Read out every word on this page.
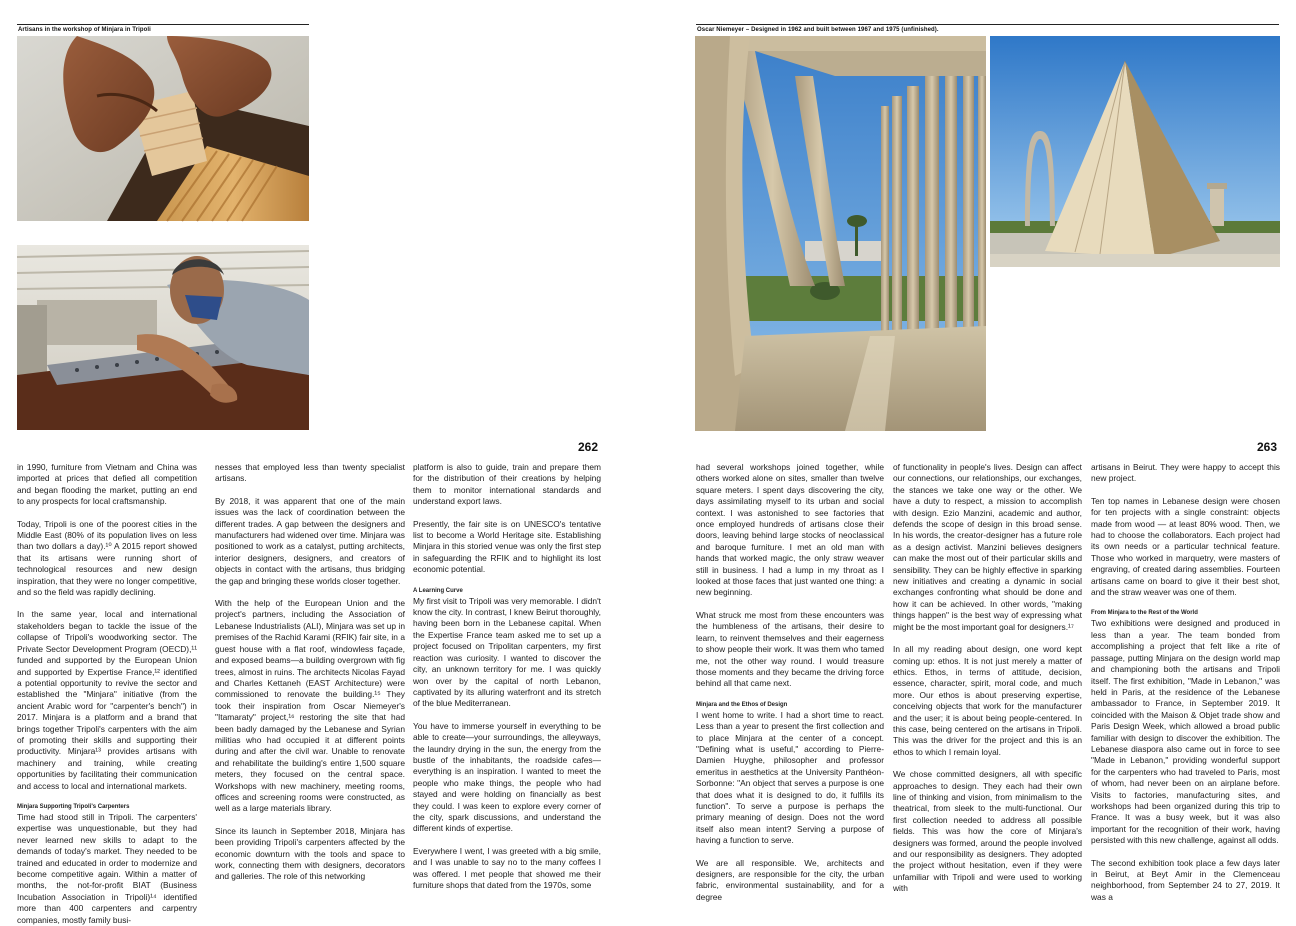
Artisans in the workshop of Minjara in Tripoli
262

in 1990, furniture from Vietnam and China was imported at prices that defied all competition and began flooding the market, putting an end to any prospects for local craftsmanship.

Today, Tripoli is one of the poorest cities in the Middle East (80% of its population lives on less than two dollars a day).¹⁰ A 2015 report showed that its artisans were running short of technological resources and new design inspiration, that they were no longer competitive, and so the field was rapidly declining.

In the same year, local and international stakeholders began to tackle the issue of the collapse of Tripoli's woodworking sector. The Private Sector Development Program (OECD),¹¹ funded and supported by the European Union and supported by Expertise France,¹² identified a potential opportunity to revive the sector and established the "Minjara" initiative (from the ancient Arabic word for "carpenter's bench") in 2017. Minjara is a platform and a brand that brings together Tripoli's carpenters with the aim of promoting their skills and supporting their productivity. Minjara¹³ provides artisans with machinery and training, while creating opportunities by facilitating their communication and access to local and international markets.

Minjara Supporting Tripoli's Carpenters

Time had stood still in Tripoli. The carpenters' expertise was unquestionable, but they had never learned new skills to adapt to the demands of today's market. They needed to be trained and educated in order to modernize and become competitive again. Within a matter of months, the not-for-profit BIAT (Business Incubation Association in Tripoli)¹⁴ identified more than 400 carpenters and carpentry companies, mostly family busi-

nesses that employed less than twenty specialist artisans.

By 2018, it was apparent that one of the main issues was the lack of coordination between the different trades. A gap between the designers and manufacturers had widened over time. Minjara was positioned to work as a catalyst, putting architects, interior designers, designers, and creators of objects in contact with the artisans, thus bridging the gap and bringing these worlds closer together.

With the help of the European Union and the project's partners, including the Association of Lebanese Industrialists (ALI), Minjara was set up in premises of the Rachid Karami (RFIK) fair site, in a guest house with a flat roof, windowless façade, and exposed beams—a building overgrown with fig trees, almost in ruins. The architects Nicolas Fayad and Charles Kettaneh (EAST Architecture) were commissioned to renovate the building.¹⁵ They took their inspiration from Oscar Niemeyer's "Itamaraty" project,¹⁶ restoring the site that had been badly damaged by the Lebanese and Syrian militias who had occupied it at different points during and after the civil war. Unable to renovate and rehabilitate the building's entire 1,500 square meters, they focused on the central space. Workshops with new machinery, meeting rooms, offices and screening rooms were constructed, as well as a large materials library.

Since its launch in September 2018, Minjara has been providing Tripoli's carpenters affected by the economic downturn with the tools and space to work, connecting them with designers, decorators and galleries. The role of this networking

platform is also to guide, train and prepare them for the distribution of their creations by helping them to monitor international standards and understand export laws.

Presently, the fair site is on UNESCO's tentative list to become a World Heritage site. Establishing Minjara in this storied venue was only the first step in safeguarding the RFIK and to highlight its lost economic potential.

A Learning Curve

My first visit to Tripoli was very memorable. I didn't know the city. In contrast, I knew Beirut thoroughly, having been born in the Lebanese capital. When the Expertise France team asked me to set up a project focused on Tripolitan carpenters, my first reaction was curiosity. I wanted to discover the city, an unknown territory for me. I was quickly won over by the capital of north Lebanon, captivated by its alluring waterfront and its stretch of the blue Mediterranean.

You have to immerse yourself in everything to be able to create—your surroundings, the alleyways, the laundry drying in the sun, the energy from the bustle of the inhabitants, the roadside cafes—everything is an inspiration. I wanted to meet the people who make things, the people who had stayed and were holding on financially as best they could. I was keen to explore every corner of the city, spark discussions, and understand the different kinds of expertise.

Everywhere I went, I was greeted with a big smile, and I was unable to say no to the many coffees I was offered. I met people that showed me their furniture shops that dated from the 1970s, some

Oscar Niemeyer – Designed in 1962 and built between 1967 and 1975 (unfinished).
263

had several workshops joined together, while others worked alone on sites, smaller than twelve square meters. I spent days discovering the city, days assimilating myself to its urban and social context. I was astonished to see factories that once employed hundreds of artisans close their doors, leaving behind large stocks of neoclassical and baroque furniture. I met an old man with hands that worked magic, the only straw weaver still in business. I had a lump in my throat as I looked at those faces that just wanted one thing: a new beginning.

What struck me most from these encounters was the humbleness of the artisans, their desire to learn, to reinvent themselves and their eagerness to show people their work. It was them who tamed me, not the other way round. I would treasure those moments and they became the driving force behind all that came next.

Minjara and the Ethos of Design

I went home to write. I had a short time to react. Less than a year to present the first collection and to place Minjara at the center of a concept. "Defining what is useful," according to Pierre-Damien Huyghe, philosopher and professor emeritus in aesthetics at the University Panthéon-Sorbonne: "An object that serves a purpose is one that does what it is designed to do, it fulfills its function". To serve a purpose is perhaps the primary meaning of design. Does not the word itself also mean intent? Serving a purpose of having a function to serve.

We are all responsible. We, architects and designers, are responsible for the city, the urban fabric, environmental sustainability, and for a degree

of functionality in people's lives. Design can affect our connections, our relationships, our exchanges, the stances we take one way or the other. We have a duty to respect, a mission to accomplish with design. Ezio Manzini, academic and author, defends the scope of design in this broad sense. In his words, the creator-designer has a future role as a design activist. Manzini believes designers can make the most out of their particular skills and sensibility. They can be highly effective in sparking new initiatives and creating a dynamic in social exchanges confronting what should be done and how it can be achieved. In other words, "making things happen" is the best way of expressing what might be the most important goal for designers.¹⁷

In all my reading about design, one word kept coming up: ethos. It is not just merely a matter of ethics. Ethos, in terms of attitude, decision, essence, character, spirit, moral code, and much more. Our ethos is about preserving expertise, conceiving objects that work for the manufacturer and the user; it is about being people-centered. In this case, being centered on the artisans in Tripoli. This was the driver for the project and this is an ethos to which I remain loyal.

We chose committed designers, all with specific approaches to design. They each had their own line of thinking and vision, from minimalism to the theatrical, from sleek to the multi-functional. Our first collection needed to address all possible fields. This was how the core of Minjara's designers was formed, around the people involved and our responsibility as designers. They adopted the project without hesitation, even if they were unfamiliar with Tripoli and were used to working with

artisans in Beirut. They were happy to accept this new project.

Ten top names in Lebanese design were chosen for ten projects with a single constraint: objects made from wood — at least 80% wood. Then, we had to choose the collaborators. Each project had its own needs or a particular technical feature. Those who worked in marquetry, were masters of engraving, of created daring assemblies. Fourteen artisans came on board to give it their best shot, and the straw weaver was one of them.

From Minjara to the Rest of the World

Two exhibitions were designed and produced in less than a year. The team bonded from accomplishing a project that felt like a rite of passage, putting Minjara on the design world map and championing both the artisans and Tripoli itself. The first exhibition, "Made in Lebanon," was held in Paris, at the residence of the Lebanese ambassador to France, in September 2019. It coincided with the Maison & Objet trade show and Paris Design Week, which allowed a broad public familiar with design to discover the exhibition. The Lebanese diaspora also came out in force to see "Made in Lebanon," providing wonderful support for the carpenters who had traveled to Paris, most of whom, had never been on an airplane before. Visits to factories, manufacturing sites, and workshops had been organized during this trip to France. It was a busy week, but it was also important for the recognition of their work, having persisted with this new challenge, against all odds.

The second exhibition took place a few days later in Beirut, at Beyt Amir in the Clemenceau neighborhood, from September 24 to 27, 2019. It was a
